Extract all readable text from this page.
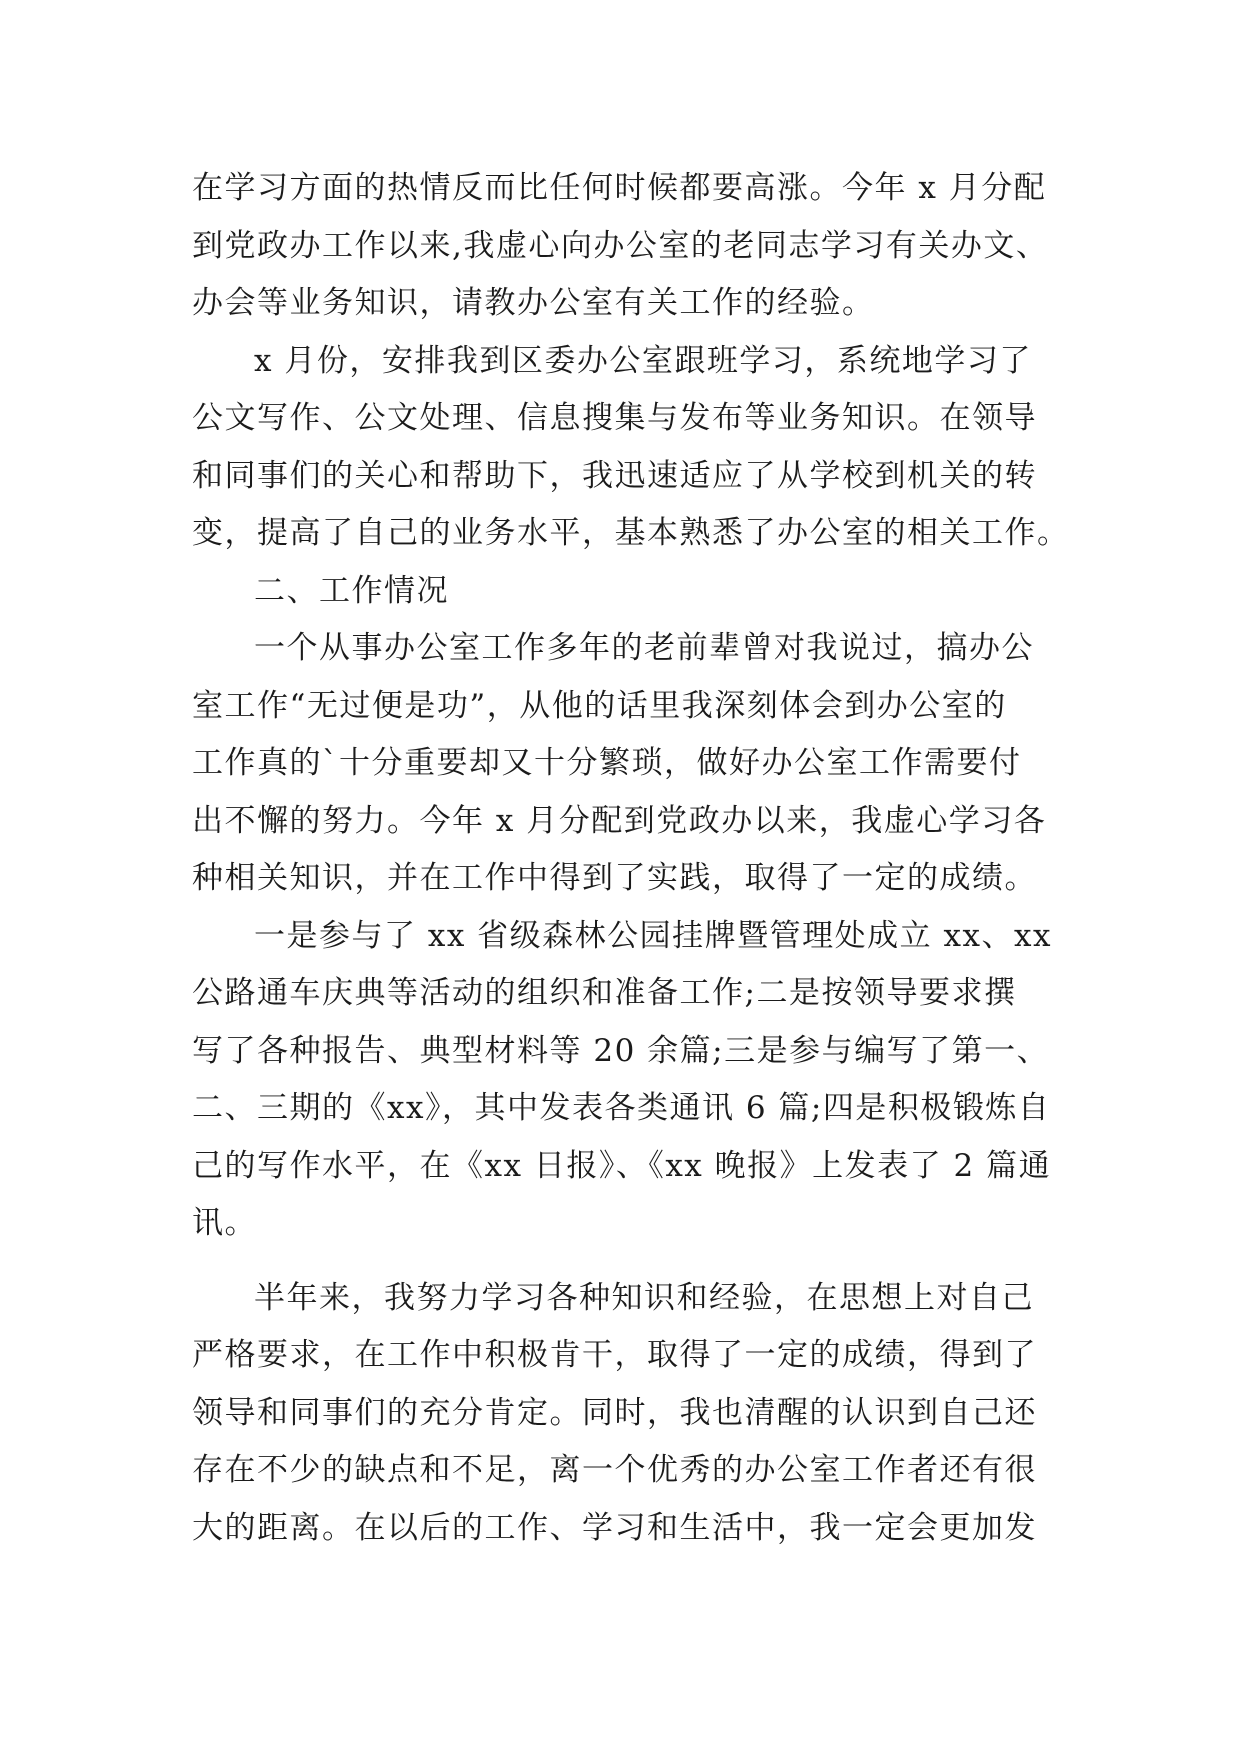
在学习方面的热情反而比任何时候都要高涨。今年 x 月分配
到党政办工作以来,我虚心向办公室的老同志学习有关办文、
办会等业务知识，请教办公室有关工作的经验。
x 月份，安排我到区委办公室跟班学习，系统地学习了
公文写作、公文处理、信息搜集与发布等业务知识。在领导
和同事们的关心和帮助下，我迅速适应了从学校到机关的转
变，提高了自己的业务水平，基本熟悉了办公室的相关工作。
二、工作情况
一个从事办公室工作多年的老前辈曾对我说过，搞办公
室工作“无过便是功”，从他的话里我深刻体会到办公室的
工作真的`十分重要却又十分繁琐，做好办公室工作需要付
出不懈的努力。今年 x 月分配到党政办以来，我虚心学习各
种相关知识，并在工作中得到了实践，取得了一定的成绩。
一是参与了 xx 省级森林公园挂牌暨管理处成立 xx、xx
公路通车庆典等活动的组织和准备工作;二是按领导要求撰
写了各种报告、典型材料等 20 余篇;三是参与编写了第一、
二、三期的《xx》，其中发表各类通讯 6 篇;四是积极锻炼自
己的写作水平，在《xx 日报》、《xx 晚报》上发表了 2 篇通
讯。
半年来，我努力学习各种知识和经验，在思想上对自己
严格要求，在工作中积极肯干，取得了一定的成绩，得到了
领导和同事们的充分肯定。同时，我也清醒的认识到自己还
存在不少的缺点和不足，离一个优秀的办公室工作者还有很
大的距离。在以后的工作、学习和生活中，我一定会更加发
